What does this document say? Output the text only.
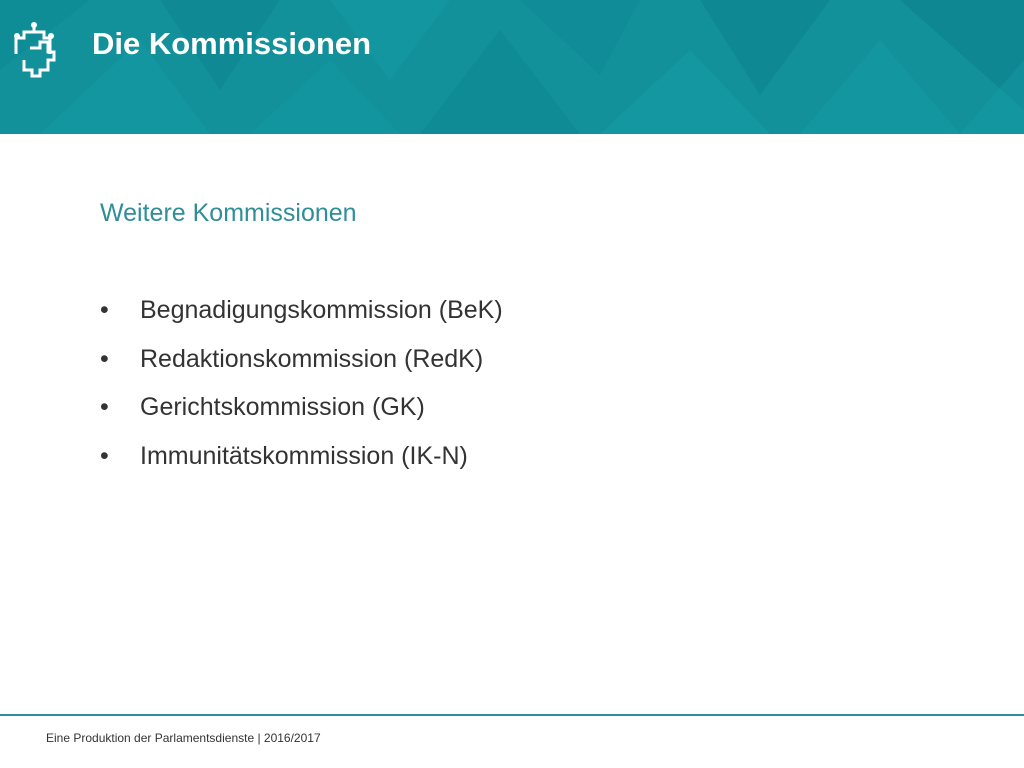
Die Kommissionen
Weitere Kommissionen
•	Begnadigungskommission (BeK)
•	Redaktionskommission (RedK)
•	Gerichtskommission (GK)
•	Immunitätskommission (IK-N)
Eine Produktion der Parlamentsdienste | 2016/2017
